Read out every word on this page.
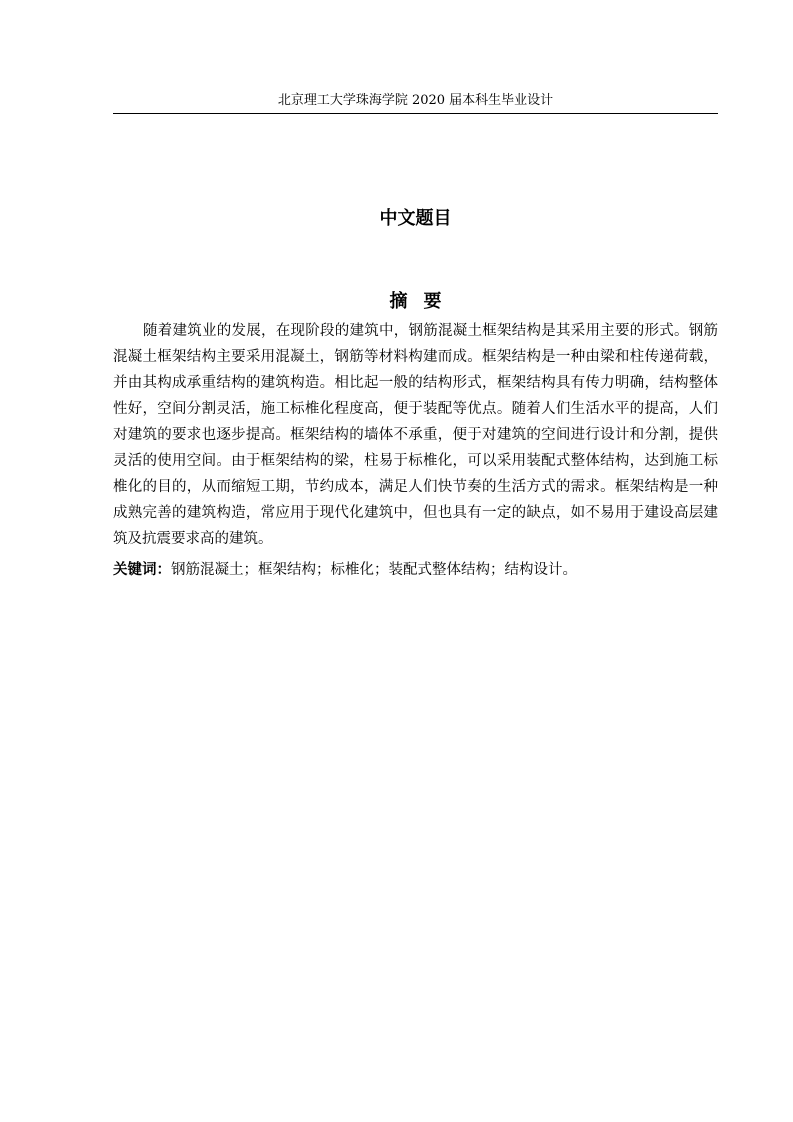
北京理工大学珠海学院 2020 届本科生毕业设计
中文题目
摘要

随着建筑业的发展，在现阶段的建筑中，钢筋混凝土框架结构是其采用主要的形式。钢筋混凝土框架结构主要采用混凝土，钢筋等材料构建而成。框架结构是一种由梁和柱传递荷载，并由其构成承重结构的建筑构造。相比起一般的结构形式，框架结构具有传力明确，结构整体性好，空间分割灵活，施工标椎化程度高，便于装配等优点。随着人们生活水平的提高，人们对建筑的要求也逐步提高。框架结构的墙体不承重，便于对建筑的空间进行设计和分割，提供灵活的使用空间。由于框架结构的梁，柱易于标椎化，可以采用装配式整体结构，达到施工标椎化的目的，从而缩短工期，节约成本，满足人们快节奏的生活方式的需求。框架结构是一种成熟完善的建筑构造，常应用于现代化建筑中，但也具有一定的缺点，如不易用于建设高层建筑及抗震要求高的建筑。

关键词：钢筋混凝土；框架结构；标椎化；装配式整体结构；结构设计。
